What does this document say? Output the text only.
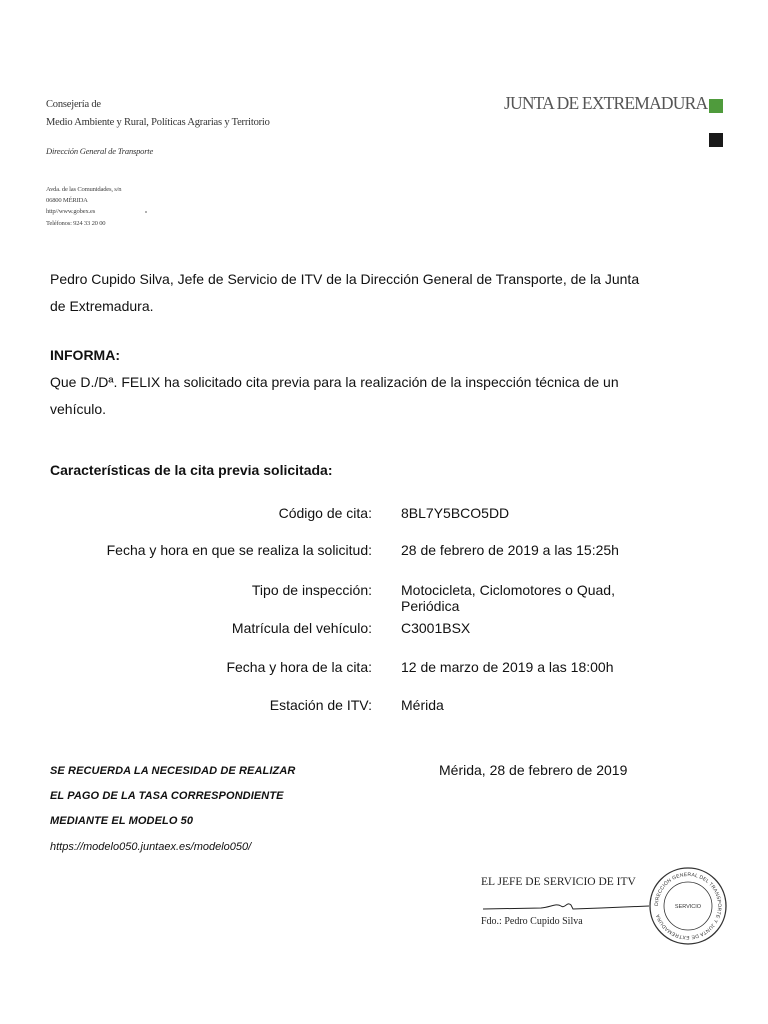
Consejería de
Medio Ambiente y Rural, Políticas Agrarias y Territorio
Dirección General de Transporte
Avda. de las Comunidades, s/n
06800 MÉRIDA
http//www.gobex.es
Teléfonos: 924 33 20 00
JUNTA DE EXTREMADURA
Pedro Cupido Silva, Jefe de Servicio de ITV de la Dirección General de Transporte, de la Junta de Extremadura.
INFORMA:
Que D./Dª. FELIX ha solicitado cita previa para la realización de la inspección técnica de un vehículo.
Características de la cita previa solicitada:
Código de cita: 8BL7Y5BCO5DD
Fecha y hora en que se realiza la solicitud: 28 de febrero de 2019 a las 15:25h
Tipo de inspección: Motocicleta, Ciclomotores o Quad,
Periódica
Matrícula del vehículo: C3001BSX
Fecha y hora de la cita: 12 de marzo de 2019 a las 18:00h
Estación de ITV: Mérida
SE RECUERDA LA NECESIDAD DE REALIZAR
EL PAGO DE LA TASA CORRESPONDIENTE
MEDIANTE EL MODELO 50
https://modelo050.juntaex.es/modelo050/
Mérida, 28 de febrero de 2019
EL JEFE DE SERVICIO DE ITV
Fdo.: Pedro Cupido Silva
DIRECCIÓN GENERAL DEL TRANSPORTE Y JUNTA DE EXTREMADURA
SERVICIO
